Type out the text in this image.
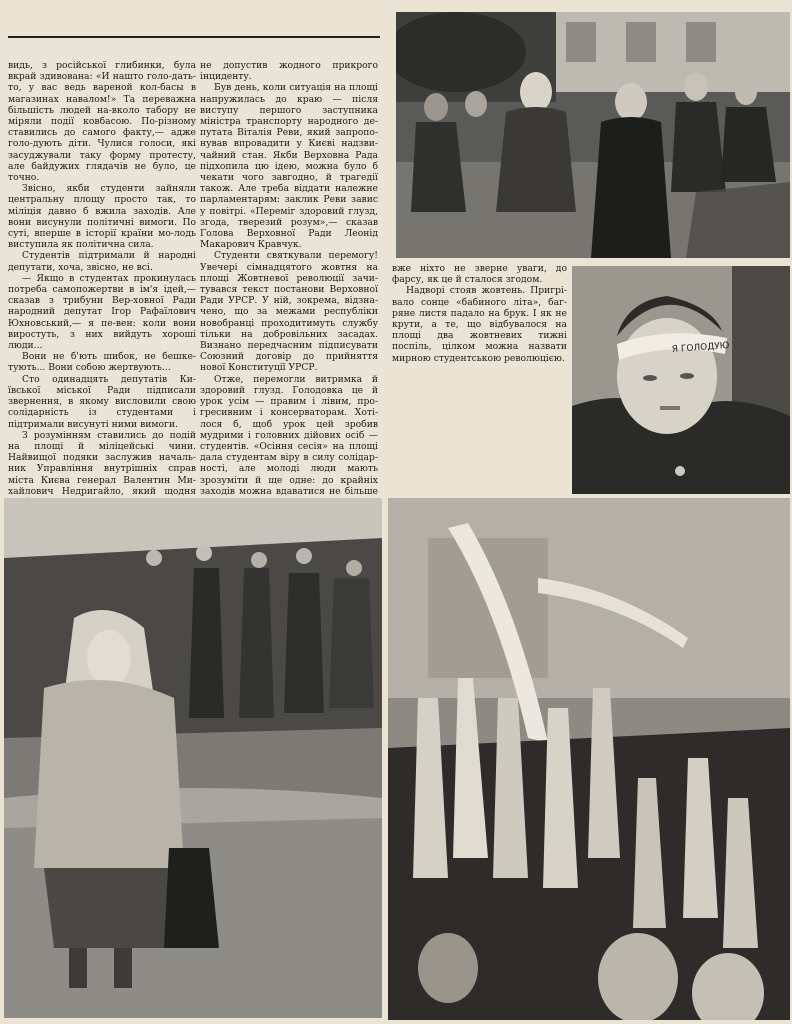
видь, з російської глибинки, була вкрай здивована: «И нашто голо-дать-то, у вас ведь вареной кол-басы в магазинах навалом!» Та переважна більшість людей на-вколо табору не міряли події ковбасою. По-різному ставились до самого факту,— адже голо-дують діти. Чулися голоси, які засуджували таку форму протесту, але байдужих глядачів не було, це точно.

Звісно, якби студенти зайняли центральну площу просто так, то міліція давно б вжила заходів. Але вони висунули політичні вимоги. По суті, вперше в історії країни мо-лодь виступила як політична сила.

Студентів підтримали й народні депутати, хоча, звісно, не всі.

— Якщо в студентах прокинулась потреба самопожертви в ім'я ідей,— сказав з трибуни Вер-ховної Ради народний депутат Ігор Рафаїлович Юхновський,— я пе-вен: коли вони виростуть, з них вийдуть хороші люди...

Вони не б'ють шибок, не бешке-тують... Вони собою жертвують...

Сто одинадцять депутатів Ки-ївської міської Ради підписали звернення, в якому висловили свою солідарність із студентами і підтримали висунуті ними вимоги.

З розумінням ставились до подій на площі й міліцейські чини. Найвищої подяки заслужив началь-ник Управління внутрішніх справ міста Києва генерал Валентин Ми-хайлович Недригайло, який щодня

не допустив жодного прикрого інциденту.

Був день, коли ситуація на площі напружилась до краю — після виступу першого заступника міністра транспорту народного де-путата Віталія Реви, який запропо-нував впровадити у Києві надзви-чайний стан. Якби Верховна Рада підхопила цю ідею, можна було б чекати чого завгодно, й трагедії також. Але треба віддати належне парламентарям: заклик Реви завис у повітрі. «Переміг здоровий глузд, згода, тверезий розум»,— сказав Голова Верховної Ради Леонід Макарович Кравчук.

Студенти святкували перемогу! Увечері сімнадцятого жовтня на площі Жовтневої революції зачи-тувався текст постанови Верховної Ради УРСР. У ній, зокрема, відзна-чено, що за межами республіки новобранці проходитимуть службу тільки на добровільних засадах. Визнано передчасним підписувати Союзний договір до прийняття нової Конституції УРСР.

Отже, перемогли витримка й здоровий глузд. Голодовка це й урок усім — правим і лівим, про-гресивним і консерваторам. Хоті-лося б, щоб урок цей зробив мудрими і головних дійових осіб — студентів. «Осіння сесія» на площі дала студентам віру в силу солідар-ності, але молоді люди мають зрозуміти й ще одне: до крайніх заходів можна вдаватися не більше

вже ніхто не зверне уваги, до фарсу, як це й сталося згодом.

Надворі стояв жовтень. Пригрі-вало сонце «бабиного літа», баг-ряне листя падало на брук. І як не крути, а те, що відбувалося на площі два жовтневих тижні поспіль, цілком можна назвати мирною студентською революцією.

Я ГОЛОДУЮ
